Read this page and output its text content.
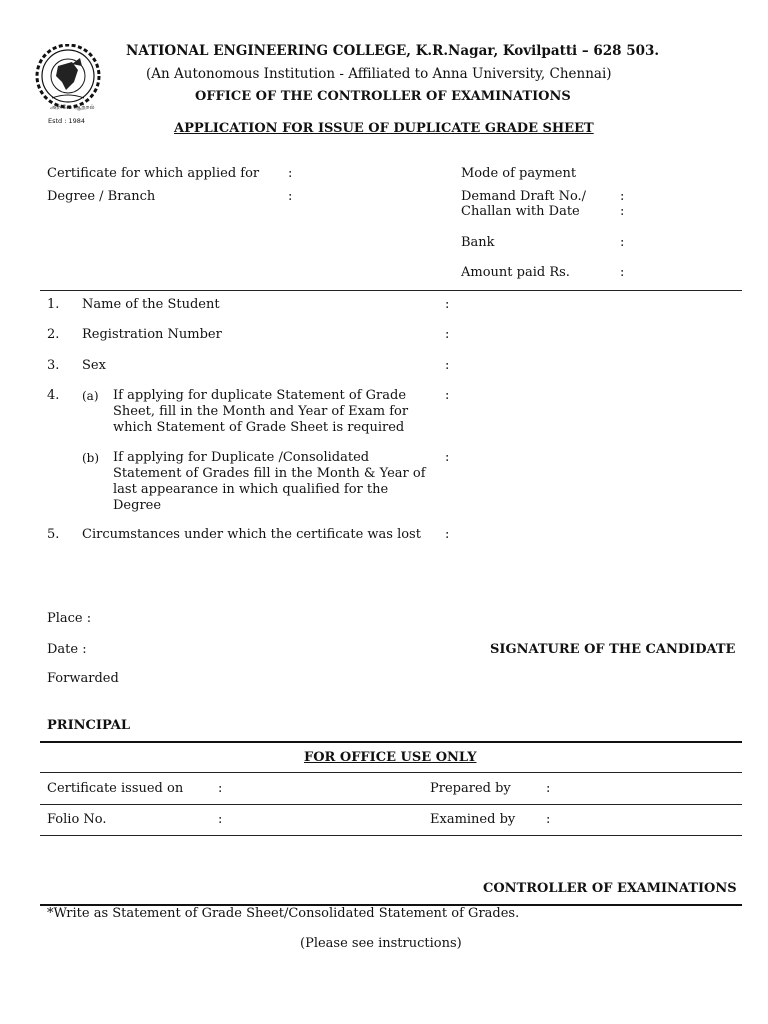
அறிவே ஆற்றல்
Estd : 1984
NATIONAL ENGINEERING COLLEGE, K.R.Nagar, Kovilpatti – 628 503.
(An Autonomous Institution - Affiliated to Anna University, Chennai)
OFFICE OF THE CONTROLLER OF EXAMINATIONS
APPLICATION FOR ISSUE OF DUPLICATE GRADE SHEET
Certificate for which applied for :
Degree / Branch	:
Mode of payment
Demand Draft No./	:
Challan with Date	:
Bank	:
Amount paid Rs.	:
1. Name of the Student	:
2. Registration Number	:
3. Sex	:
4. (a) If applying for duplicate Statement of Grade Sheet, fill in the Month and Year of Exam for which Statement of Grade Sheet is required
:
(b) If applying for Duplicate /Consolidated Statement of Grades fill in the Month & Year of last appearance in which qualified for the Degree
:
5. Circumstances under which the certificate was lost :
Place :
Date :	SIGNATURE OF THE CANDIDATE
Forwarded
PRINCIPAL
FOR OFFICE USE ONLY
Certificate issued on	:	Prepared by	:
Folio No.	:	Examined by :
CONTROLLER OF EXAMINATIONS
*Write as Statement of Grade Sheet/Consolidated Statement of Grades.
(Please see instructions)
